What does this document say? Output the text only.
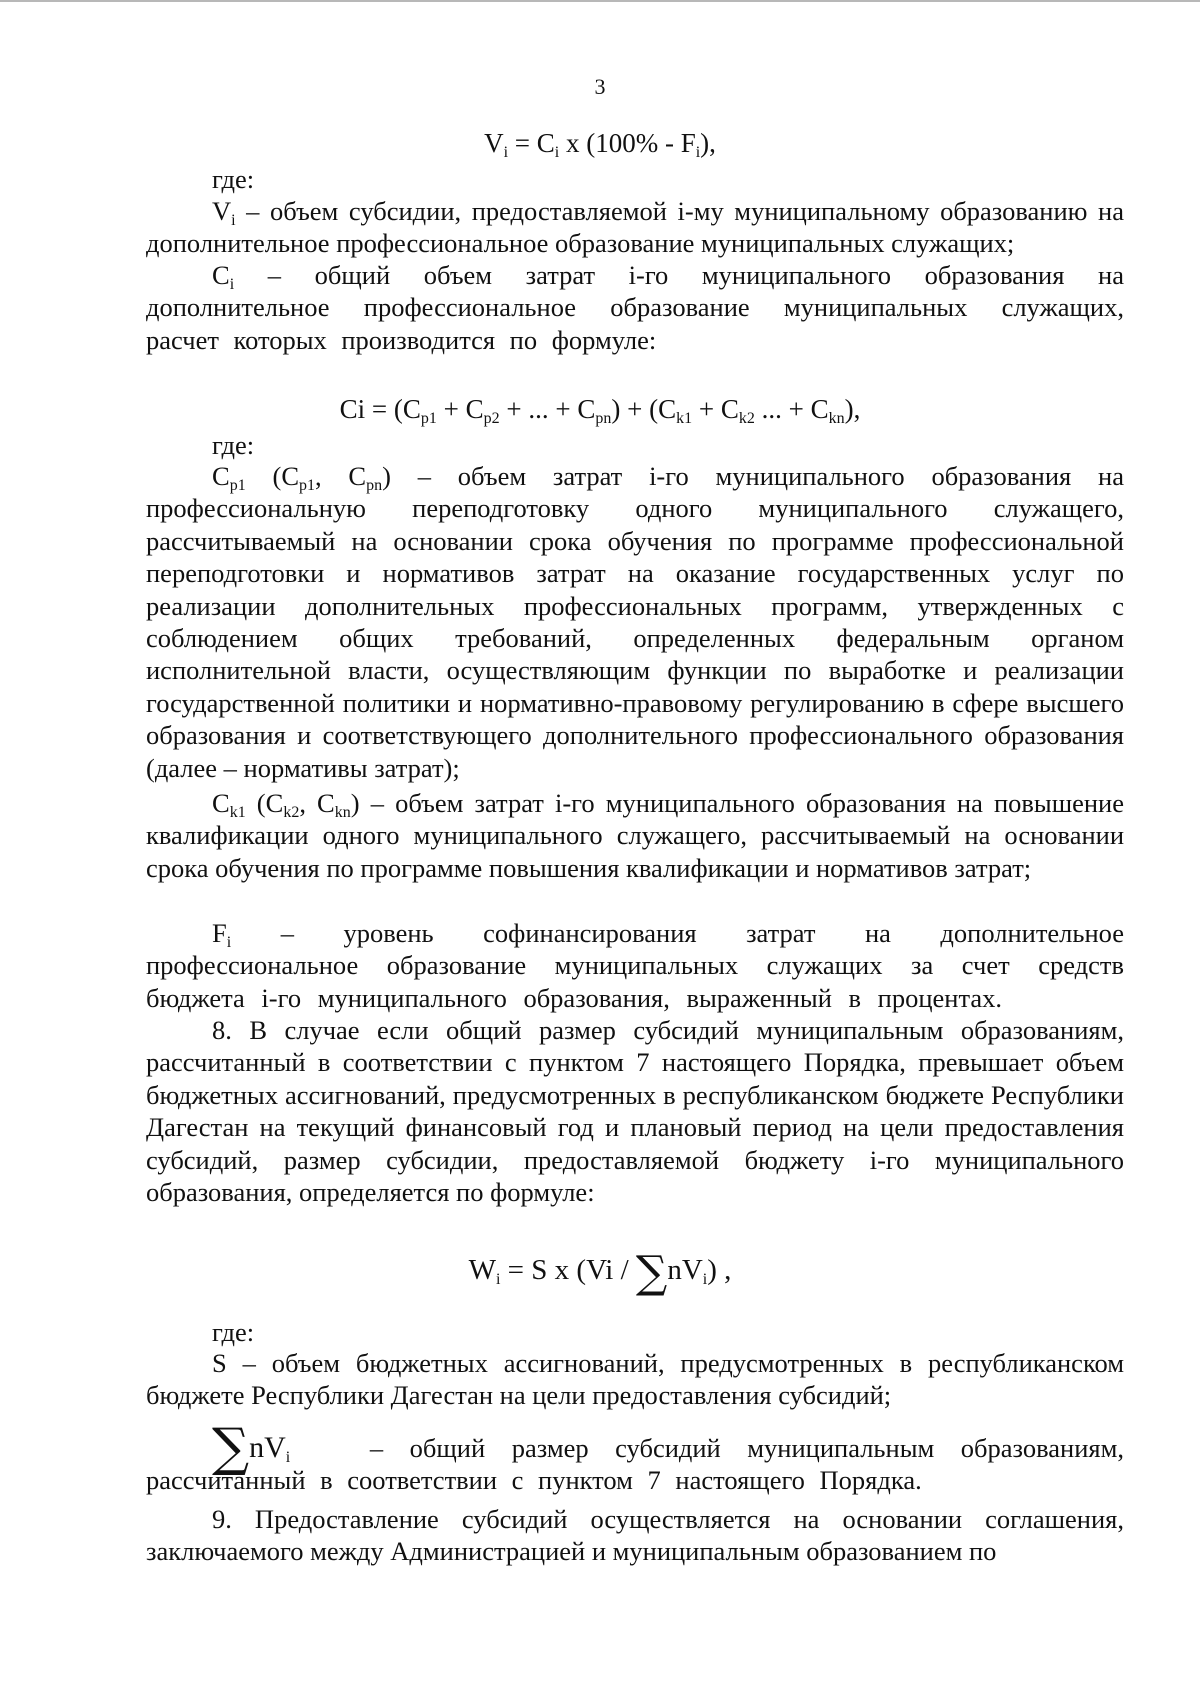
3
$V_i = C_i$ x $(100\% - F_i)$,
где:
$V_i$ – объем субсидии, предоставляемой i-му муниципальному образованию на дополнительное профессиональное образование муниципальных служащих;
$C_i$ – общий объем затрат i-го муниципального образования на дополнительное профессиональное образование муниципальных служащих, расчет которых производится по формуле:
$Ci = (C_{p1} + C_{p2}$ + ... + $C_{pn}) + (C_{k1} + C_{k2}$ ... + $C_{kn}$),
где:
$C_{p1}$ ($C_{p1}$, $C_{pn}$) – объем затрат i-го муниципального образования на профессиональную переподготовку одного муниципального служащего, рассчитываемый на основании срока обучения по программе профессиональной переподготовки и нормативов затрат на оказание государственных услуг по реализации дополнительных профессиональных программ, утвержденных с соблюдением общих требований, определенных федеральным органом исполнительной власти, осуществляющим функции по выработке и реализации государственной политики и нормативно-правовому регулированию в сфере высшего образования и соответствующего дополнительного профессионального образования (далее – нормативы затрат);
$C_{k1}$ ($C_{k2}$, $C_{kn}$) – объем затрат i-го муниципального образования на повышение квалификации одного муниципального служащего, рассчитываемый на основании срока обучения по программе повышения квалификации и нормативов затрат;
$F_i$ – уровень софинансирования затрат на дополнительное профессиональное образование муниципальных служащих за счет средств бюджета i-го муниципального образования, выраженный в процентах.
8. В случае если общий размер субсидий муниципальным образованиям, рассчитанный в соответствии с пунктом 7 настоящего Порядка, превышает объем бюджетных ассигнований, предусмотренных в республиканском бюджете Республики Дагестан на текущий финансовый год и плановый период на цели предоставления субсидий, размер субсидии, предоставляемой бюджету i-го муниципального образования, определяется по формуле:
$W_i = S$ x $(Vi / \sum nV_i)$ ,
где:
S – объем бюджетных ассигнований, предусмотренных в республиканском бюджете Республики Дагестан на цели предоставления субсидий;
$\sum nV_i$   – общий размер субсидий муниципальным образованиям, рассчитанный в соответствии с пунктом 7 настоящего Порядка.
9. Предоставление субсидий осуществляется на основании соглашения, заключаемого между Администрацией и муниципальным образованием по
